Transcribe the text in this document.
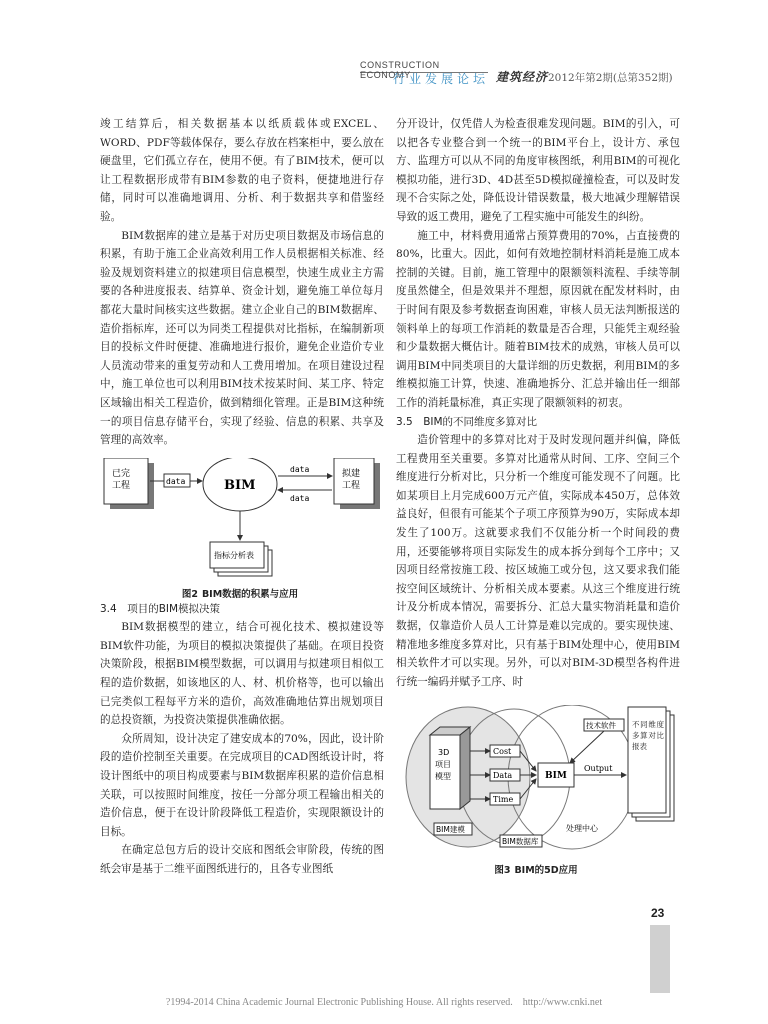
CONSTRUCTION ECONOMY
行业发展论坛 建筑经济 2012年第2期(总第352期)

竣工结算后，相关数据基本以纸质载体或EXCEL、WORD、PDF等载体保存，要么存放在档案柜中，要么放在硬盘里，它们孤立存在，使用不便。有了BIM技术，便可以让工程数据形成带有BIM参数的电子资料，便捷地进行存储，同时可以准确地调用、分析、利于数据共享和借鉴经验。

BIM数据库的建立是基于对历史项目数据及市场信息的积累，有助于施工企业高效利用工作人员根据相关标准、经验及规划资料建立的拟建项目信息模型，快速生成业主方需要的各种进度报表、结算单、资金计划，避免施工单位每月都花大量时间核实这些数据。建立企业自己的BIM数据库、造价指标库，还可以为同类工程提供对比指标，在编制新项目的投标文件时便捷、准确地进行报价，避免企业造价专业人员流动带来的重复劳动和人工费用增加。在项目建设过程中，施工单位也可以利用BIM技术按某时间、某工序、特定区域输出相关工程造价，做到精细化管理。正是BIM这种统一的项目信息存储平台，实现了经验、信息的积累、共享及管理的高效率。

已完
工程	data	BIM
data
data
拟建
工程
指标分析表

图2 BIM数据的积累与应用

3.4　项目的BIM模拟决策

BIM数据模型的建立，结合可视化技术、模拟建设等BIM软件功能，为项目的模拟决策提供了基础。在项目投资决策阶段，根据BIM模型数据，可以调用与拟建项目相似工程的造价数据，如该地区的人、材、机价格等，也可以输出已完类似工程每平方米的造价，高效准确地估算出规划项目的总投资额，为投资决策提供准确依据。

众所周知，设计决定了建安成本的70%，因此，设计阶段的造价控制至关重要。在完成项目的CAD图纸设计时，将设计图纸中的项目构成要素与BIM数据库积累的造价信息相关联，可以按照时间维度，按任一分部分项工程输出相关的造价信息，便于在设计阶段降低工程造价，实现限额设计的目标。

在确定总包方后的设计交底和图纸会审阶段，传统的图纸会审是基于二维平面图纸进行的，且各专业图纸

分开设计，仅凭借人为检查很难发现问题。BIM的引入，可以把各专业整合到一个统一的BIM平台上，设计方、承包方、监理方可以从不同的角度审核图纸，利用BIM的可视化模拟功能，进行3D、4D甚至5D模拟碰撞检查，可以及时发现不合实际之处，降低设计错误数量，极大地减少理解错误导致的返工费用，避免了工程实施中可能发生的纠纷。

施工中，材料费用通常占预算费用的70%，占直接费的80%，比重大。因此，如何有效地控制材料消耗是施工成本控制的关键。目前，施工管理中的限额领料流程、手续等制度虽然健全，但是效果并不理想，原因就在配发材料时，由于时间有限及参考数据查询困难，审核人员无法判断报送的领料单上的每项工作消耗的数量是否合理，只能凭主观经验和少量数据大概估计。随着BIM技术的成熟，审核人员可以调用BIM中同类项目的大量详细的历史数据，利用BIM的多维模拟施工计算，快速、准确地拆分、汇总并输出任一细部工作的消耗量标准，真正实现了限额领料的初衷。

3.5　BIM的不同维度多算对比

造价管理中的多算对比对于及时发现问题并纠偏，降低工程费用至关重要。多算对比通常从时间、工序、空间三个维度进行分析对比，只分析一个维度可能发现不了问题。比如某项目上月完成600万元产值，实际成本450万，总体效益良好，但很有可能某个子项工序预算为90万，实际成本却发生了100万。这就要求我们不仅能分析一个时间段的费用，还要能够将项目实际发生的成本拆分到每个工序中；又因项目经常按施工段、按区域施工或分包，这又要求我们能按空间区域统计、分析相关成本要素。从这三个维度进行统计及分析成本情况，需要拆分、汇总大量实物消耗量和造价数据，仅靠造价人员人工计算是难以完成的。要实现快速、精准地多维度多算对比，只有基于BIM处理中心，使用BIM相关软件才可以实现。另外，可以对BIM-3D模型各构件进行统一编码并赋予工序、时

3D
项目
模型
Cost
Data
Time
BIM
Output
技术软件 不同维度多算对比报表
BIM建模
BIM数据库
处理中心

图3 BIM的5D应用

23
?1994-2014 China Academic Journal Electronic Publishing House. All rights reserved.　http://www.cnki.net
